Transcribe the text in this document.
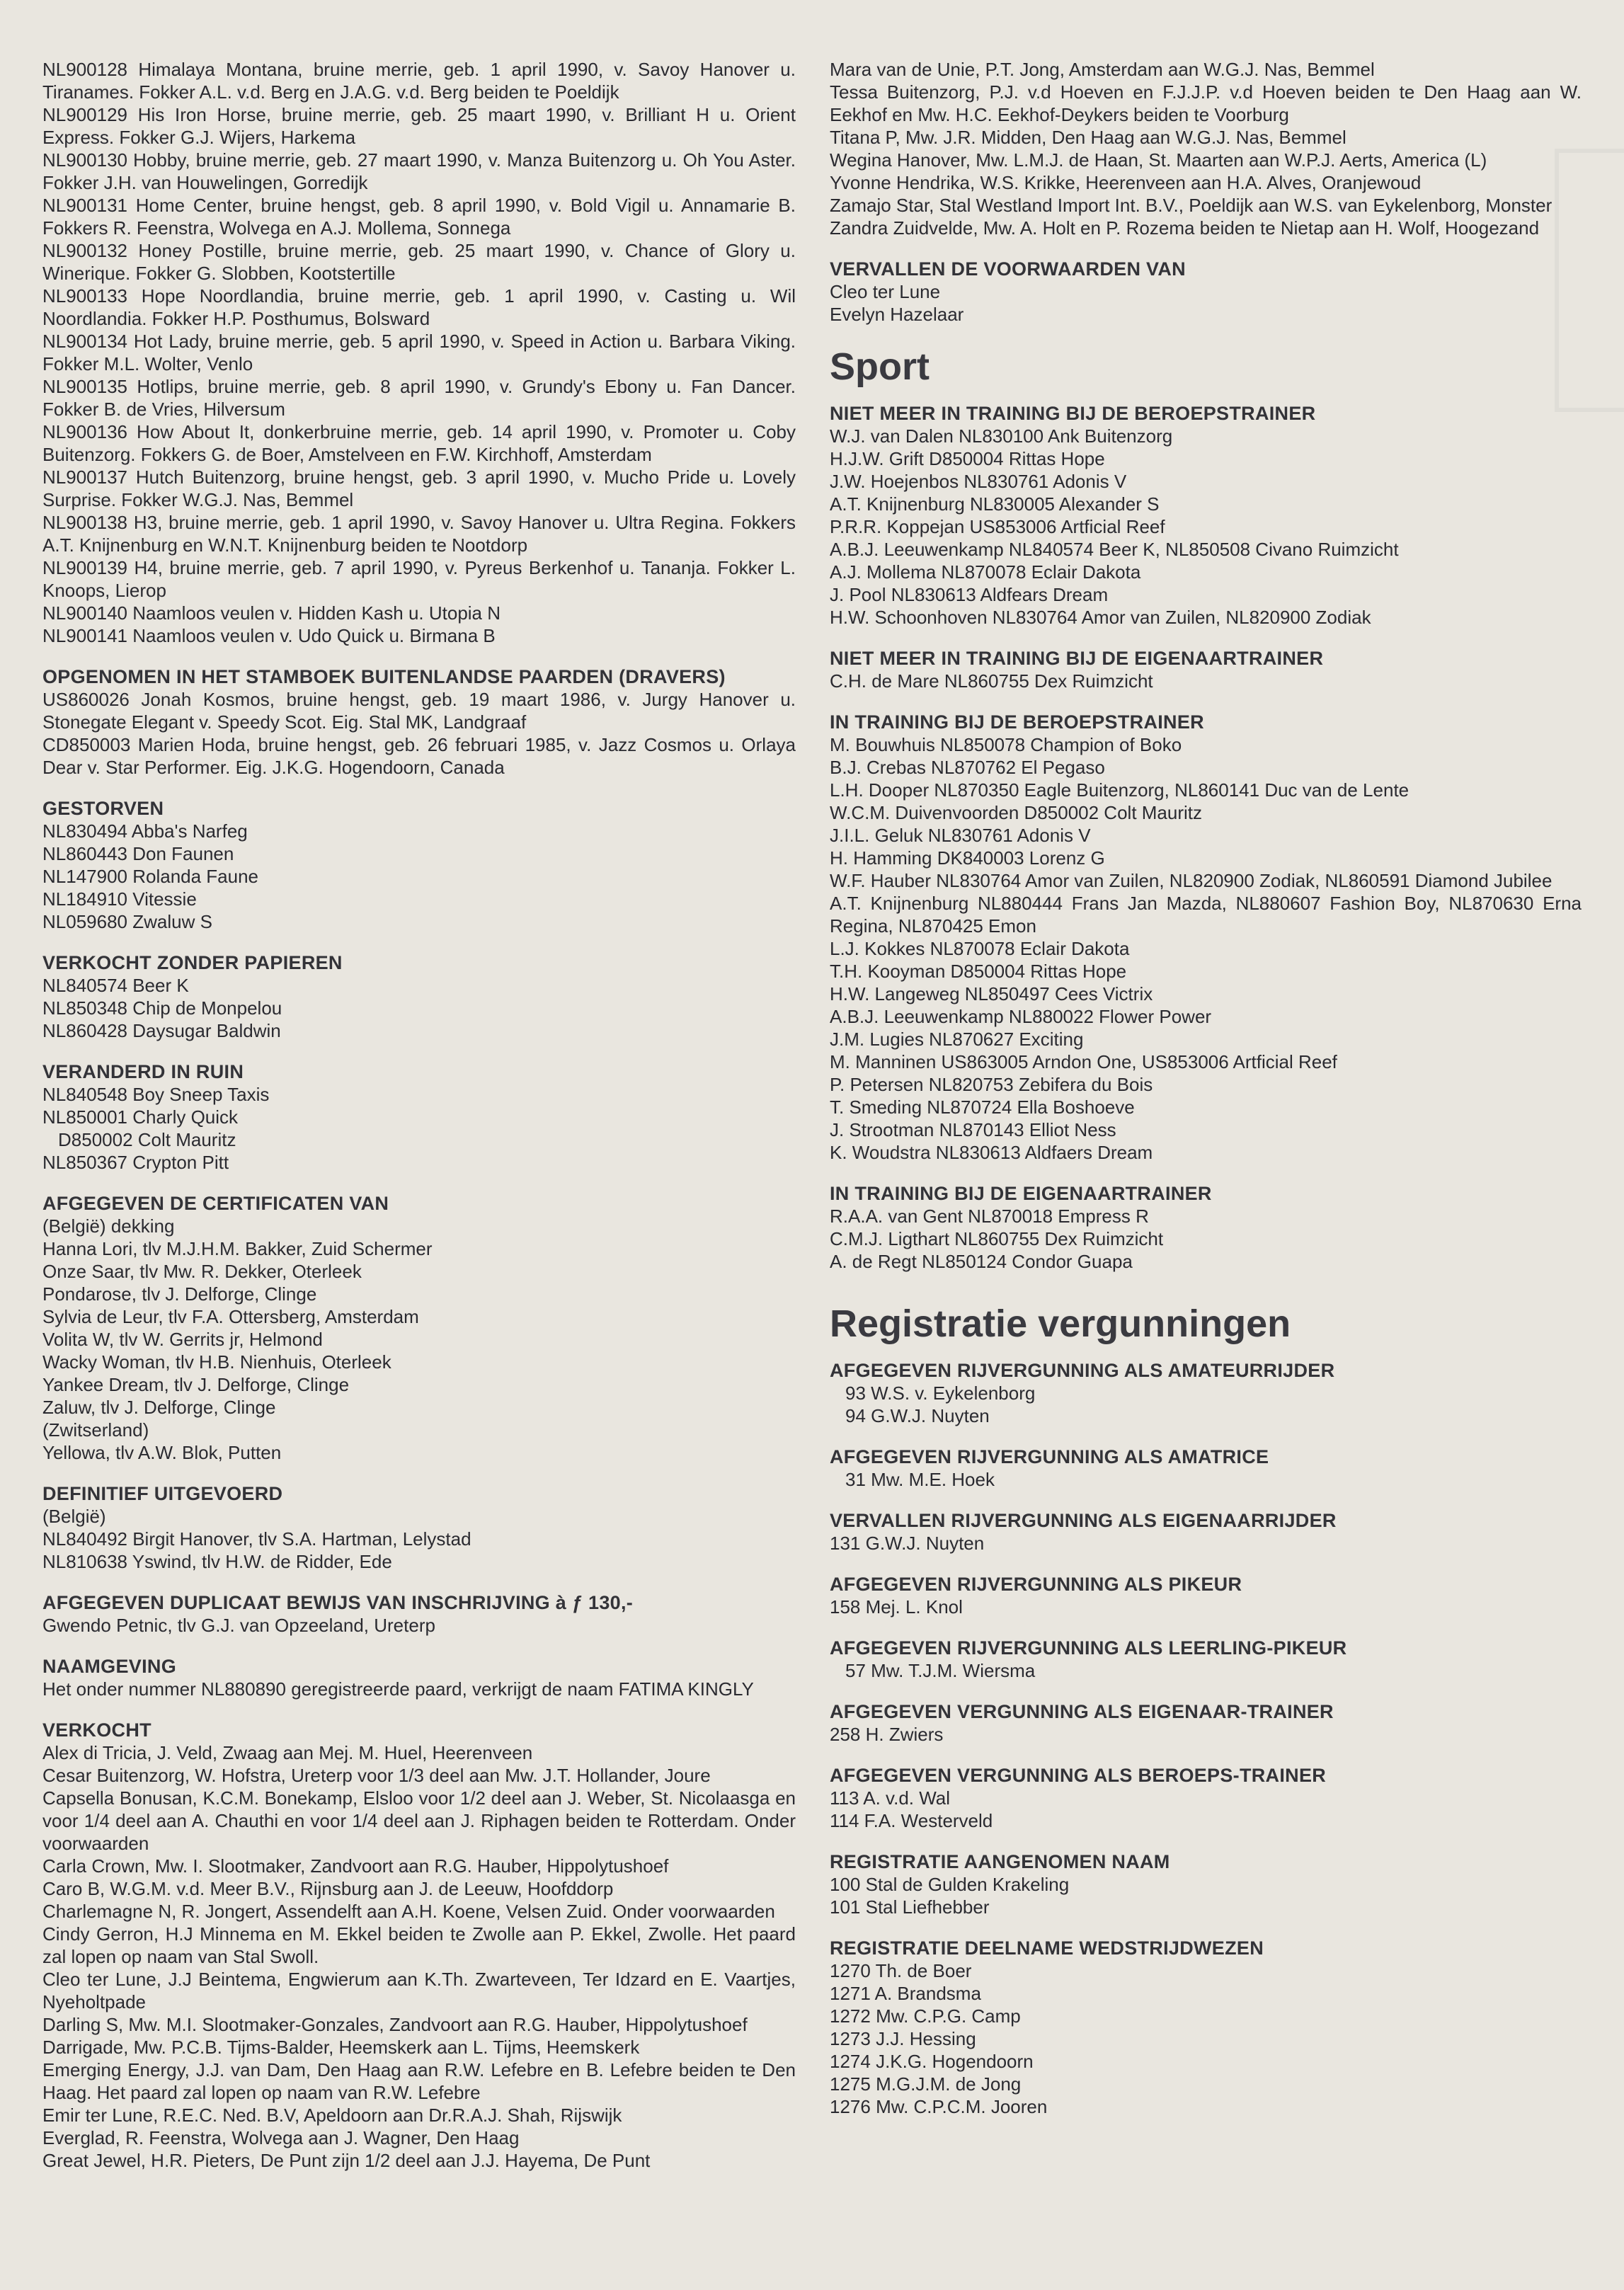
NL900128 Himalaya Montana, bruine merrie, geb. 1 april 1990, v. Savoy Hanover u. Tiranames. Fokker A.L. v.d. Berg en J.A.G. v.d. Berg beiden te Poeldijk
NL900129 His Iron Horse, bruine merrie, geb. 25 maart 1990, v. Brilliant H u. Orient Express. Fokker G.J. Wijers, Harkema
NL900130 Hobby, bruine merrie, geb. 27 maart 1990, v. Manza Buitenzorg u. Oh You Aster. Fokker J.H. van Houwelingen, Gorredijk
NL900131 Home Center, bruine hengst, geb. 8 april 1990, v. Bold Vigil u. Annamarie B. Fokkers R. Feenstra, Wolvega en A.J. Mollema, Sonnega
NL900132 Honey Postille, bruine merrie, geb. 25 maart 1990, v. Chance of Glory u. Winerique. Fokker G. Slobben, Kootstertille
NL900133 Hope Noordlandia, bruine merrie, geb. 1 april 1990, v. Casting u. Wil Noordlandia. Fokker H.P. Posthumus, Bolsward
NL900134 Hot Lady, bruine merrie, geb. 5 april 1990, v. Speed in Action u. Barbara Viking. Fokker M.L. Wolter, Venlo
NL900135 Hotlips, bruine merrie, geb. 8 april 1990, v. Grundy's Ebony u. Fan Dancer. Fokker B. de Vries, Hilversum
NL900136 How About It, donkerbruine merrie, geb. 14 april 1990, v. Promoter u. Coby Buitenzorg. Fokkers G. de Boer, Amstelveen en F.W. Kirchhoff, Amsterdam
NL900137 Hutch Buitenzorg, bruine hengst, geb. 3 april 1990, v. Mucho Pride u. Lovely Surprise. Fokker W.G.J. Nas, Bemmel
NL900138 H3, bruine merrie, geb. 1 april 1990, v. Savoy Hanover u. Ultra Regina. Fokkers A.T. Knijnenburg en W.N.T. Knijnenburg beiden te Nootdorp
NL900139 H4, bruine merrie, geb. 7 april 1990, v. Pyreus Berkenhof u. Tananja. Fokker L. Knoops, Lierop
NL900140 Naamloos veulen v. Hidden Kash u. Utopia N
NL900141 Naamloos veulen v. Udo Quick u. Birmana B
OPGENOMEN IN HET STAMBOEK BUITENLANDSE PAARDEN (DRAVERS)
US860026 Jonah Kosmos, bruine hengst, geb. 19 maart 1986, v. Jurgy Hanover u. Stonegate Elegant v. Speedy Scot. Eig. Stal MK, Landgraaf
CD850003 Marien Hoda, bruine hengst, geb. 26 februari 1985, v. Jazz Cosmos u. Orlaya Dear v. Star Performer. Eig. J.K.G. Hogendoorn, Canada
GESTORVEN
NL830494 Abba's Narfeg
NL860443 Don Faunen
NL147900 Rolanda Faune
NL184910 Vitessie
NL059680 Zwaluw S
VERKOCHT ZONDER PAPIEREN
NL840574 Beer K
NL850348 Chip de Monpelou
NL860428 Daysugar Baldwin
VERANDERD IN RUIN
NL840548 Boy Sneep Taxis
NL850001 Charly Quick
D850002 Colt Mauritz
NL850367 Crypton Pitt
AFGEGEVEN DE CERTIFICATEN VAN
(België) dekking
Hanna Lori, tlv M.J.H.M. Bakker, Zuid Schermer
Onze Saar, tlv Mw. R. Dekker, Oterleek
Pondarose, tlv J. Delforge, Clinge
Sylvia de Leur, tlv F.A. Ottersberg, Amsterdam
Volita W, tlv W. Gerrits jr, Helmond
Wacky Woman, tlv H.B. Nienhuis, Oterleek
Yankee Dream, tlv J. Delforge, Clinge
Zaluw, tlv J. Delforge, Clinge
(Zwitserland)
Yellowa, tlv A.W. Blok, Putten
DEFINITIEF UITGEVOERD
(België)
NL840492 Birgit Hanover, tlv S.A. Hartman, Lelystad
NL810638 Yswind, tlv H.W. de Ridder, Ede
AFGEGEVEN DUPLICAAT BEWIJS VAN INSCHRIJVING à ƒ 130,-
Gwendo Petnic, tlv G.J. van Opzeeland, Ureterp
NAAMGEVING
Het onder nummer NL880890 geregistreerde paard, verkrijgt de naam FATIMA KINGLY
VERKOCHT
Alex di Tricia, J. Veld, Zwaag aan Mej. M. Huel, Heerenveen
Cesar Buitenzorg, W. Hofstra, Ureterp voor 1/3 deel aan Mw. J.T. Hollander, Joure
Capsella Bonusan, K.C.M. Bonekamp, Elsloo voor 1/2 deel aan J. Weber, St. Nicolaasga en voor 1/4 deel aan A. Chauthi en voor 1/4 deel aan J. Riphagen beiden te Rotterdam. Onder voorwaarden
Carla Crown, Mw. I. Slootmaker, Zandvoort aan R.G. Hauber, Hippolytushoef
Caro B, W.G.M. v.d. Meer B.V., Rijnsburg aan J. de Leeuw, Hoofddorp
Charlemagne N, R. Jongert, Assendelft aan A.H. Koene, Velsen Zuid. Onder voorwaarden
Cindy Gerron, H.J Minnema en M. Ekkel beiden te Zwolle aan P. Ekkel, Zwolle. Het paard zal lopen op naam van Stal Swoll.
Cleo ter Lune, J.J Beintema, Engwierum aan K.Th. Zwarteveen, Ter Idzard en E. Vaartjes, Nyeholtpade
Darling S, Mw. M.I. Slootmaker-Gonzales, Zandvoort aan R.G. Hauber, Hippolytushoef
Darrigade, Mw. P.C.B. Tijms-Balder, Heemskerk aan L. Tijms, Heemskerk
Emerging Energy, J.J. van Dam, Den Haag aan R.W. Lefebre en B. Lefebre beiden te Den Haag. Het paard zal lopen op naam van R.W. Lefebre
Emir ter Lune, R.E.C. Ned. B.V, Apeldoorn aan Dr.R.A.J. Shah, Rijswijk
Everglad, R. Feenstra, Wolvega aan J. Wagner, Den Haag
Great Jewel, H.R. Pieters, De Punt zijn 1/2 deel aan J.J. Hayema, De Punt
Mara van de Unie, P.T. Jong, Amsterdam aan W.G.J. Nas, Bemmel
Tessa Buitenzorg, P.J. v.d Hoeven en F.J.J.P. v.d Hoeven beiden te Den Haag aan W. Eekhof en Mw. H.C. Eekhof-Deykers beiden te Voorburg
Titana P, Mw. J.R. Midden, Den Haag aan W.G.J. Nas, Bemmel
Wegina Hanover, Mw. L.M.J. de Haan, St. Maarten aan W.P.J. Aerts, America (L)
Yvonne Hendrika, W.S. Krikke, Heerenveen aan H.A. Alves, Oranjewoud
Zamajo Star, Stal Westland Import Int. B.V., Poeldijk aan W.S. van Eykelenborg, Monster
Zandra Zuidvelde, Mw. A. Holt en P. Rozema beiden te Nietap aan H. Wolf, Hoogezand
VERVALLEN DE VOORWAARDEN VAN
Cleo ter Lune
Evelyn Hazelaar
Sport
NIET MEER IN TRAINING BIJ DE BEROEPSTRAINER
W.J. van Dalen NL830100 Ank Buitenzorg
H.J.W. Grift D850004 Rittas Hope
J.W. Hoejenbos NL830761 Adonis V
A.T. Knijnenburg NL830005 Alexander S
P.R.R. Koppejan US853006 Artficial Reef
A.B.J. Leeuwenkamp NL840574 Beer K, NL850508 Civano Ruimzicht
A.J. Mollema NL870078 Eclair Dakota
J. Pool NL830613 Aldfears Dream
H.W. Schoonhoven NL830764 Amor van Zuilen, NL820900 Zodiak
NIET MEER IN TRAINING BIJ DE EIGENAARTRAINER
C.H. de Mare NL860755 Dex Ruimzicht
IN TRAINING BIJ DE BEROEPSTRAINER
M. Bouwhuis NL850078 Champion of Boko
B.J. Crebas NL870762 El Pegaso
L.H. Dooper NL870350 Eagle Buitenzorg, NL860141 Duc van de Lente
W.C.M. Duivenvoorden D850002 Colt Mauritz
J.I.L. Geluk NL830761 Adonis V
H. Hamming DK840003 Lorenz G
W.F. Hauber NL830764 Amor van Zuilen, NL820900 Zodiak, NL860591 Diamond Jubilee
A.T. Knijnenburg NL880444 Frans Jan Mazda, NL880607 Fashion Boy, NL870630 Erna Regina, NL870425 Emon
L.J. Kokkes NL870078 Eclair Dakota
T.H. Kooyman D850004 Rittas Hope
H.W. Langeweg NL850497 Cees Victrix
A.B.J. Leeuwenkamp NL880022 Flower Power
J.M. Lugies NL870627 Exciting
M. Manninen US863005 Arndon One, US853006 Artficial Reef
P. Petersen NL820753 Zebifera du Bois
T. Smeding NL870724 Ella Boshoeve
J. Strootman NL870143 Elliot Ness
K. Woudstra NL830613 Aldfaers Dream
IN TRAINING BIJ DE EIGENAARTRAINER
R.A.A. van Gent NL870018 Empress R
C.M.J. Ligthart NL860755 Dex Ruimzicht
A. de Regt NL850124 Condor Guapa
Registratie vergunningen
AFGEGEVEN RIJVERGUNNING ALS AMATEURRIJDER
93 W.S. v. Eykelenborg
94 G.W.J. Nuyten
AFGEGEVEN RIJVERGUNNING ALS AMATRICE
31 Mw. M.E. Hoek
VERVALLEN RIJVERGUNNING ALS EIGENAARRIJDER
131 G.W.J. Nuyten
AFGEGEVEN RIJVERGUNNING ALS PIKEUR
158 Mej. L. Knol
AFGEGEVEN RIJVERGUNNING ALS LEERLING-PIKEUR
57 Mw. T.J.M. Wiersma
AFGEGEVEN VERGUNNING ALS EIGENAAR-TRAINER
258 H. Zwiers
AFGEGEVEN VERGUNNING ALS BEROEPS-TRAINER
113 A. v.d. Wal
114 F.A. Westerveld
REGISTRATIE AANGENOMEN NAAM
100 Stal de Gulden Krakeling
101 Stal Liefhebber
REGISTRATIE DEELNAME WEDSTRIJDWEZEN
1270 Th. de Boer
1271 A. Brandsma
1272 Mw. C.P.G. Camp
1273 J.J. Hessing
1274 J.K.G. Hogendoorn
1275 M.G.J.M. de Jong
1276 Mw. C.P.C.M. Jooren
